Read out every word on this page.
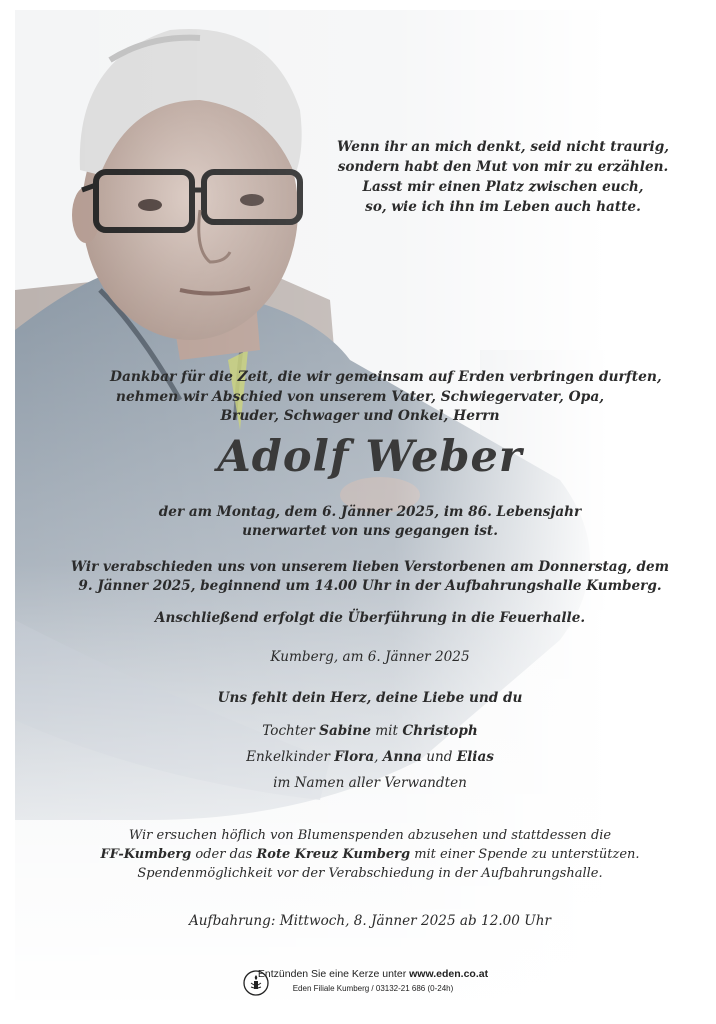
Wenn ihr an mich denkt, seid nicht traurig,
sondern habt den Mut von mir zu erzählen.
Lasst mir einen Platz zwischen euch,
so, wie ich ihn im Leben auch hatte.
Dankbar für die Zeit, die wir gemeinsam auf Erden verbringen durften,
nehmen wir Abschied von unserem Vater, Schwiegervater, Opa,
Bruder, Schwager und Onkel, Herrn
Adolf Weber
der am Montag, dem 6. Jänner 2025, im 86. Lebensjahr
unerwartet von uns gegangen ist.
Wir verabschieden uns von unserem lieben Verstorbenen am Donnerstag, dem
9. Jänner 2025, beginnend um 14.00 Uhr in der Aufbahrungshalle Kumberg.
Anschließend erfolgt die Überführung in die Feuerhalle.
Kumberg, am 6. Jänner 2025
Uns fehlt dein Herz, deine Liebe und du
Tochter Sabine mit Christoph
Enkelkinder Flora, Anna und Elias
im Namen aller Verwandten
Wir ersuchen höflich von Blumenspenden abzusehen und stattdessen die
FF-Kumberg oder das Rote Kreuz Kumberg mit einer Spende zu unterstützen.
Spendenmöglichkeit vor der Verabschiedung in der Aufbahrungshalle.
Aufbahrung: Mittwoch, 8. Jänner 2025 ab 12.00 Uhr
Entzünden Sie eine Kerze unter www.eden.co.at
Eden Filiale Kumberg / 03132-21 686 (0-24h)
